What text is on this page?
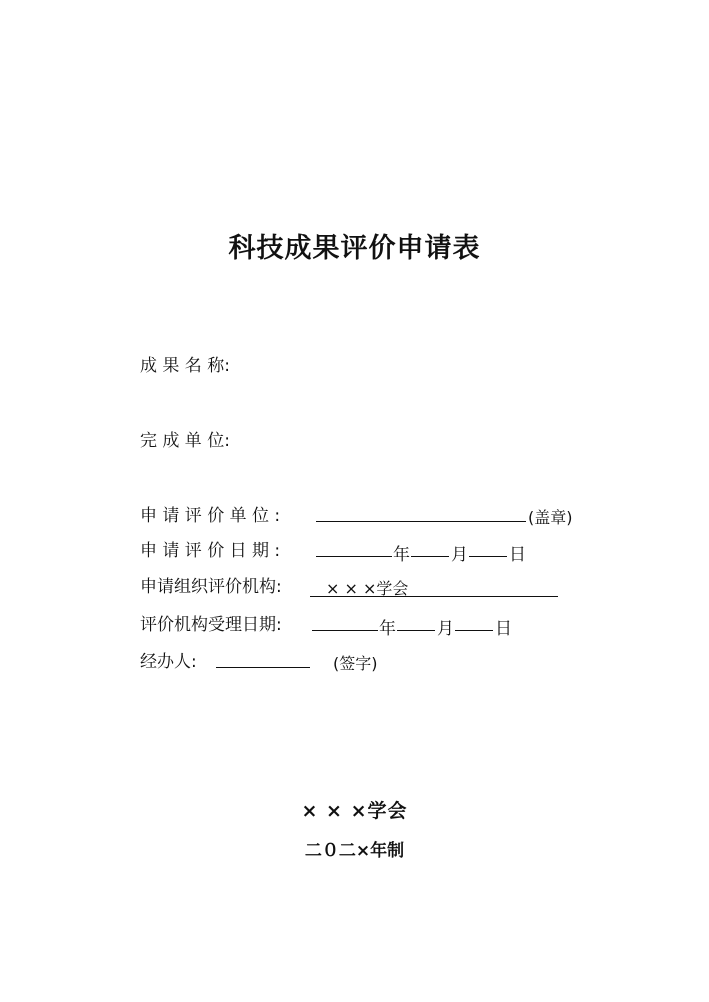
科技成果评价申请表
成 果 名 称:
完 成 单 位:
申 请 评 价 单 位 :	(盖章)
申 请 评 价 日 期 :	年 月 日
申请组织评价机构:	× × ×学会
评价机构受理日期:	年 月 日
经办人:	(签字)
× × ×学会
二０二×年制
